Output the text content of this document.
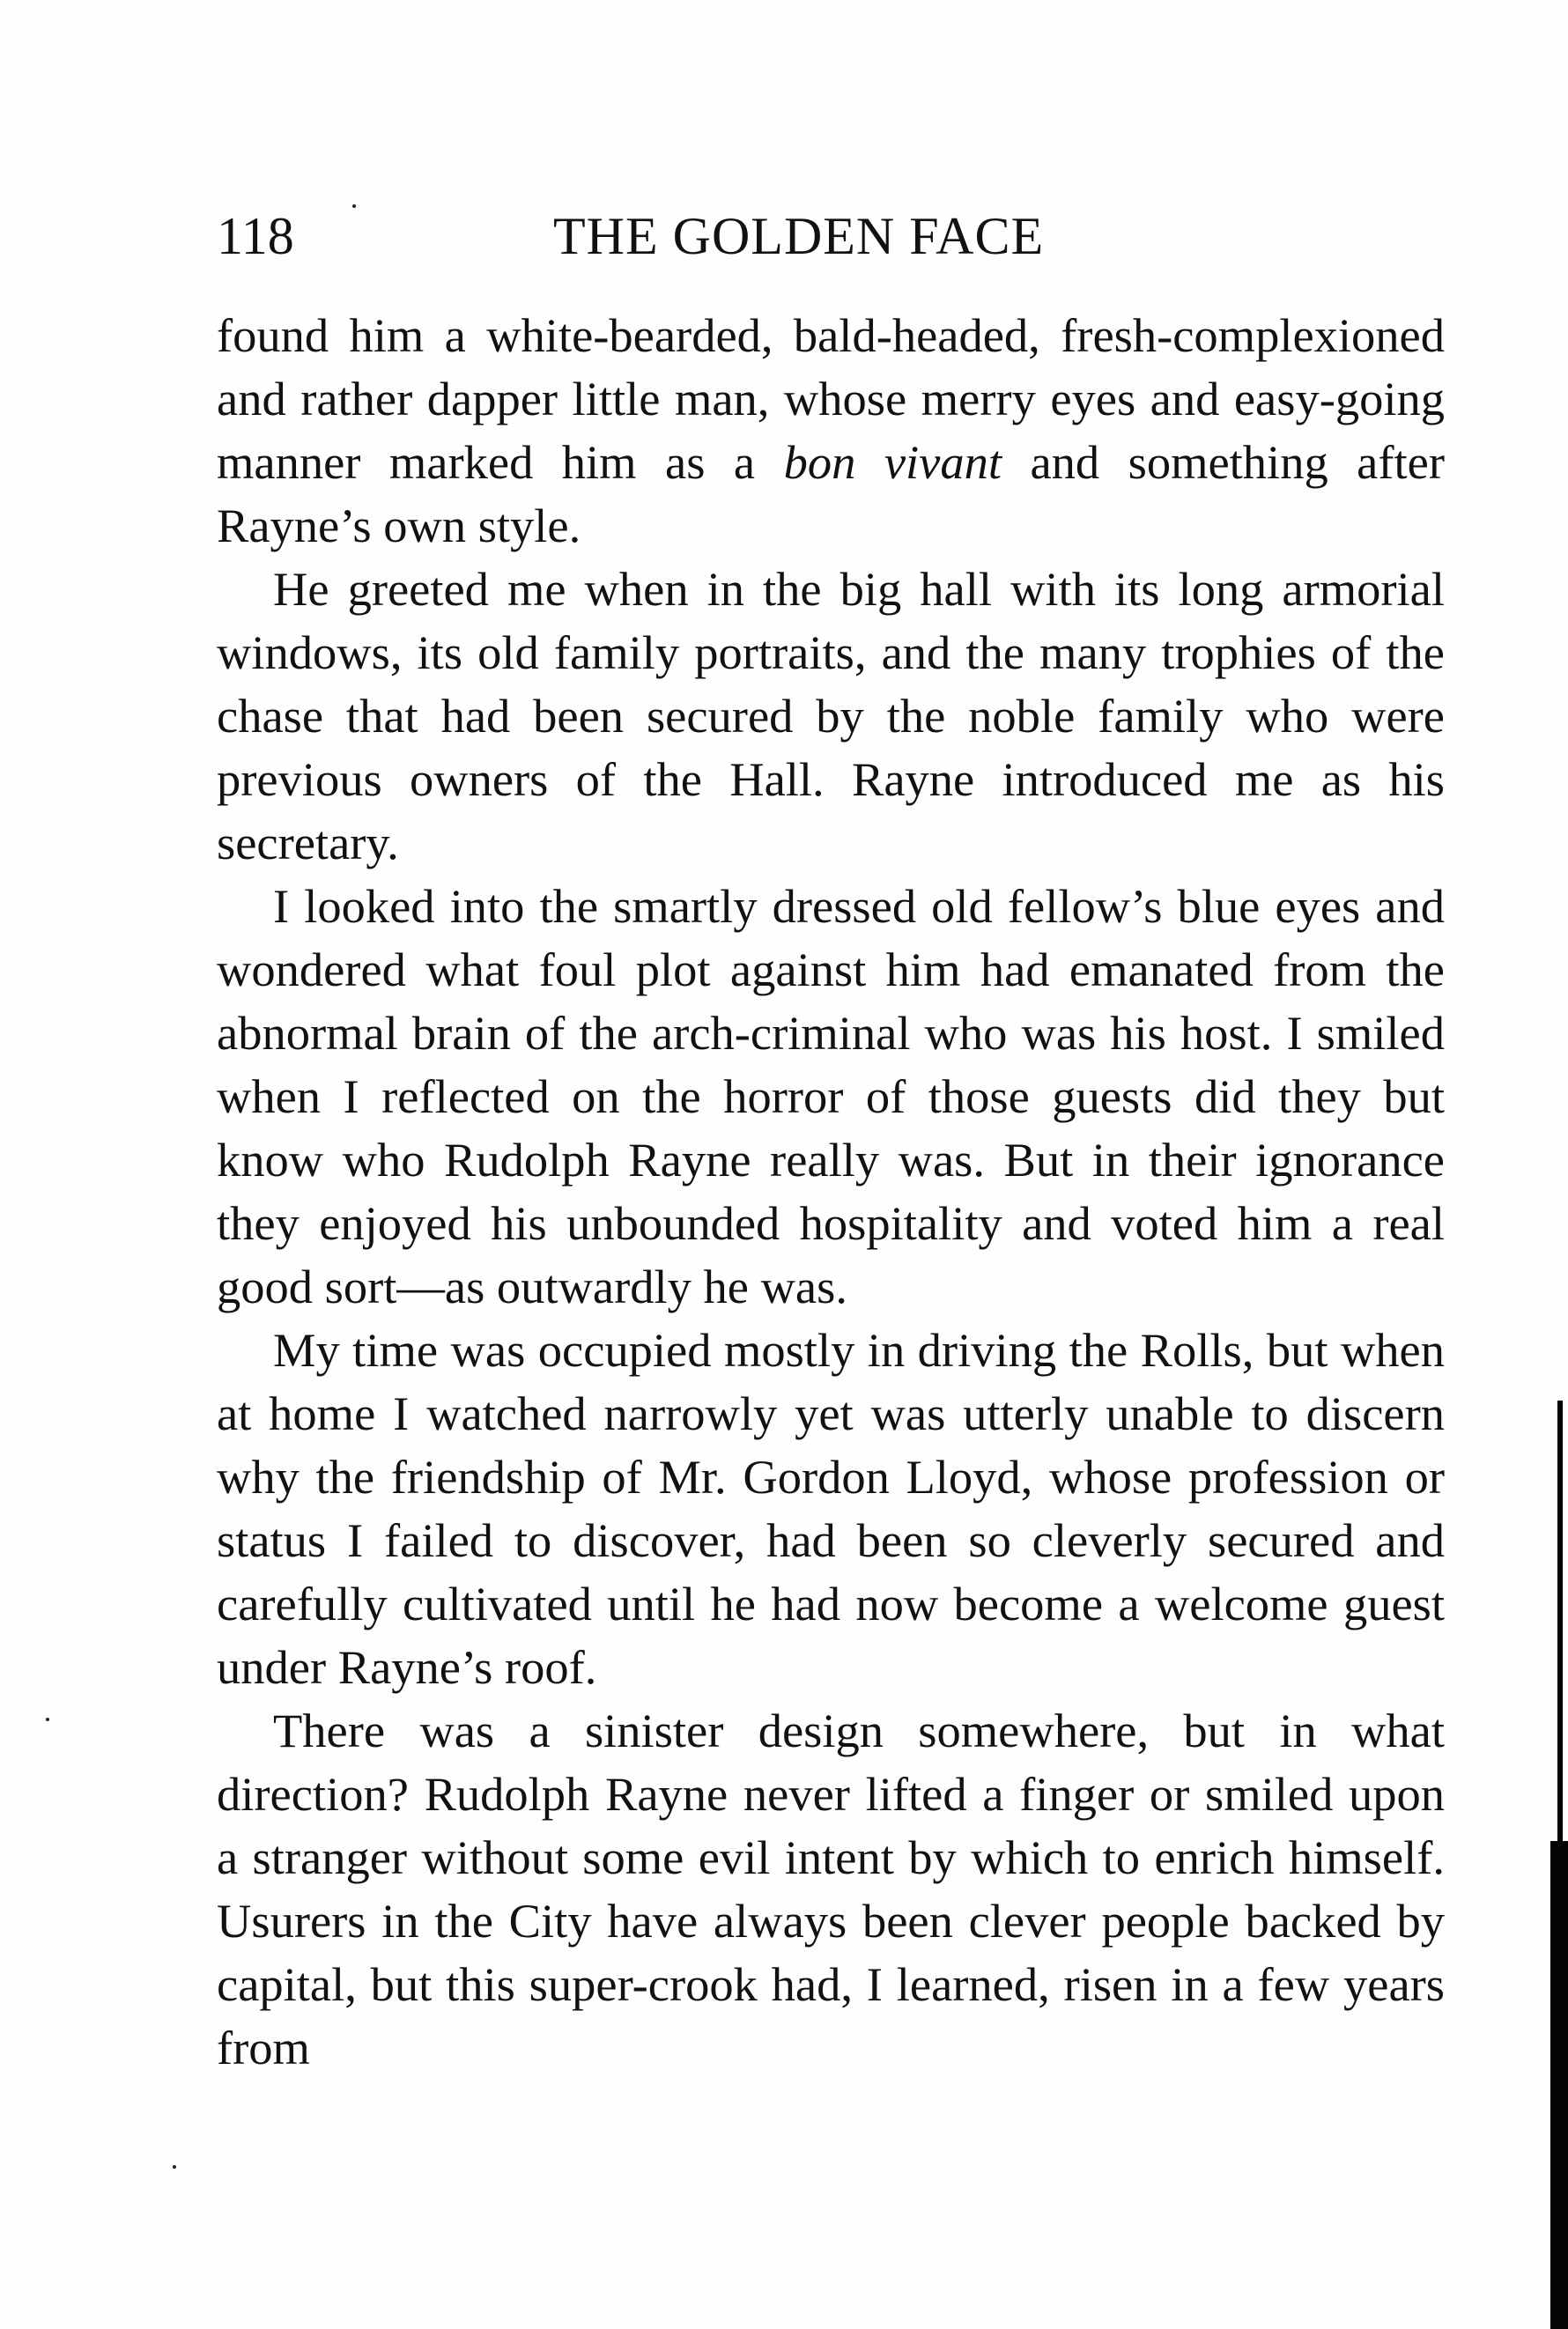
118	THE GOLDEN FACE

found him a white-bearded, bald-headed, fresh-complexioned and rather dapper little man, whose merry eyes and easy-going manner marked him as a bon vivant and something after Rayne’s own style.

He greeted me when in the big hall with its long armorial windows, its old family portraits, and the many trophies of the chase that had been secured by the noble family who were previous owners of the Hall. Rayne introduced me as his secretary.

I looked into the smartly dressed old fellow’s blue eyes and wondered what foul plot against him had emanated from the abnormal brain of the arch-criminal who was his host. I smiled when I reflected on the horror of those guests did they but know who Rudolph Rayne really was. But in their ignorance they enjoyed his unbounded hospitality and voted him a real good sort—as outwardly he was.

My time was occupied mostly in driving the Rolls, but when at home I watched narrowly yet was utterly unable to discern why the friendship of Mr. Gordon Lloyd, whose profession or status I failed to discover, had been so cleverly secured and carefully cultivated until he had now become a welcome guest under Rayne’s roof.

There was a sinister design somewhere, but in what direction? Rudolph Rayne never lifted a finger or smiled upon a stranger without some evil intent by which to enrich himself. Usurers in the City have always been clever people backed by capital, but this super-crook had, I learned, risen in a few years from
